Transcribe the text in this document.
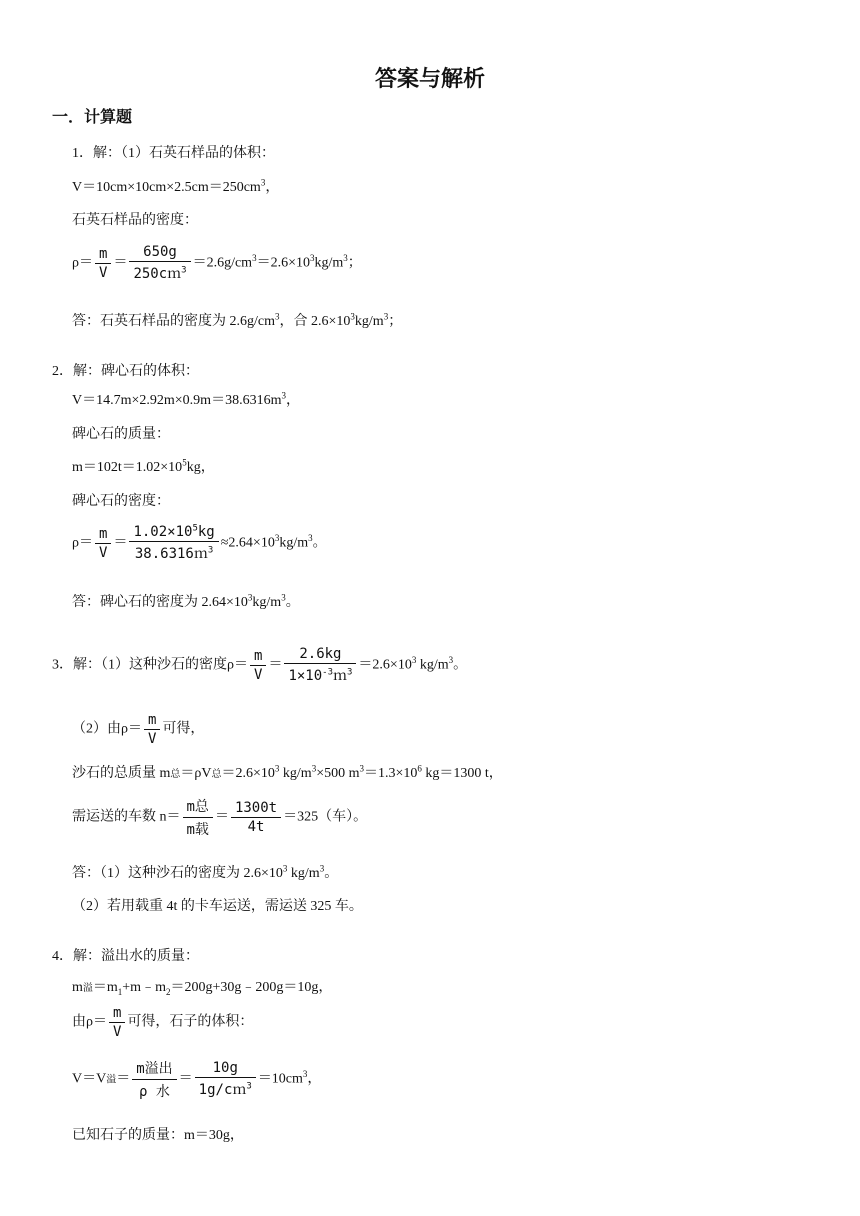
答案与解析
一．计算题
1．解：（1）石英石样品的体积：
$V=10cm\times 10cm\times 2.5cm=250cm^3$，
石英石样品的密度：
$\rho= \frac{m}{V} = \frac{650g}{250cm^3} =2.6g/cm^3=2.6\times 10^3kg/m^3$；
答：石英石样品的密度为 $2.6g/cm^3$，合 $2.6\times 10^3kg/m^3$；
2．解：碑心石的体积：
$V=14.7m\times 2.92m\times 0.9m=38.6316m^3$，
碑心石的质量：
$m=102t=1.02\times 10^5kg$，
碑心石的密度：
$\rho= \frac{m}{V} = \frac{1.02\times 10^5kg}{38.6316m^3} \approx 2.64\times 10^3kg/m^3$。
答：碑心石的密度为 $2.64\times 10^3kg/m^3$。
3．解：（1）这种沙石的密度$\rho= \frac{m}{V} = \frac{2.6kg}{1\times 10^{-3}m^3} =2.6\times 10^3$ $kg/m^3$。
（2）由$\rho= \frac{m}{V}$ 可得，
沙石的总质量 m总＝ρV总$=2.6\times 10^3$ $kg/m^3\times 500$ $m^3=1.3\times 10^6$ kg＝1300 t，
需运送的车数 $n= \frac{\text{m总}}{\text{m载}} = \frac{1300t}{4t} =325$（车）。
答：（1）这种沙石的密度为 $2.6\times 10^3$ $kg/m^3$。
（2）若用载重 4t 的卡车运送，需运送 325 车。
4．解：溢出水的质量：
m溢$=m_1+m﹣m_2=200g+30g﹣200g=10g$，
由$\rho= \frac{m}{V}$ 可得，石子的体积：
V＝V溢＝ $\frac{\text{m溢出}}{\text{ρ 水}} = \frac{10g}{1g/cm^3} =10cm^3$，
已知石子的质量：m＝30g，
